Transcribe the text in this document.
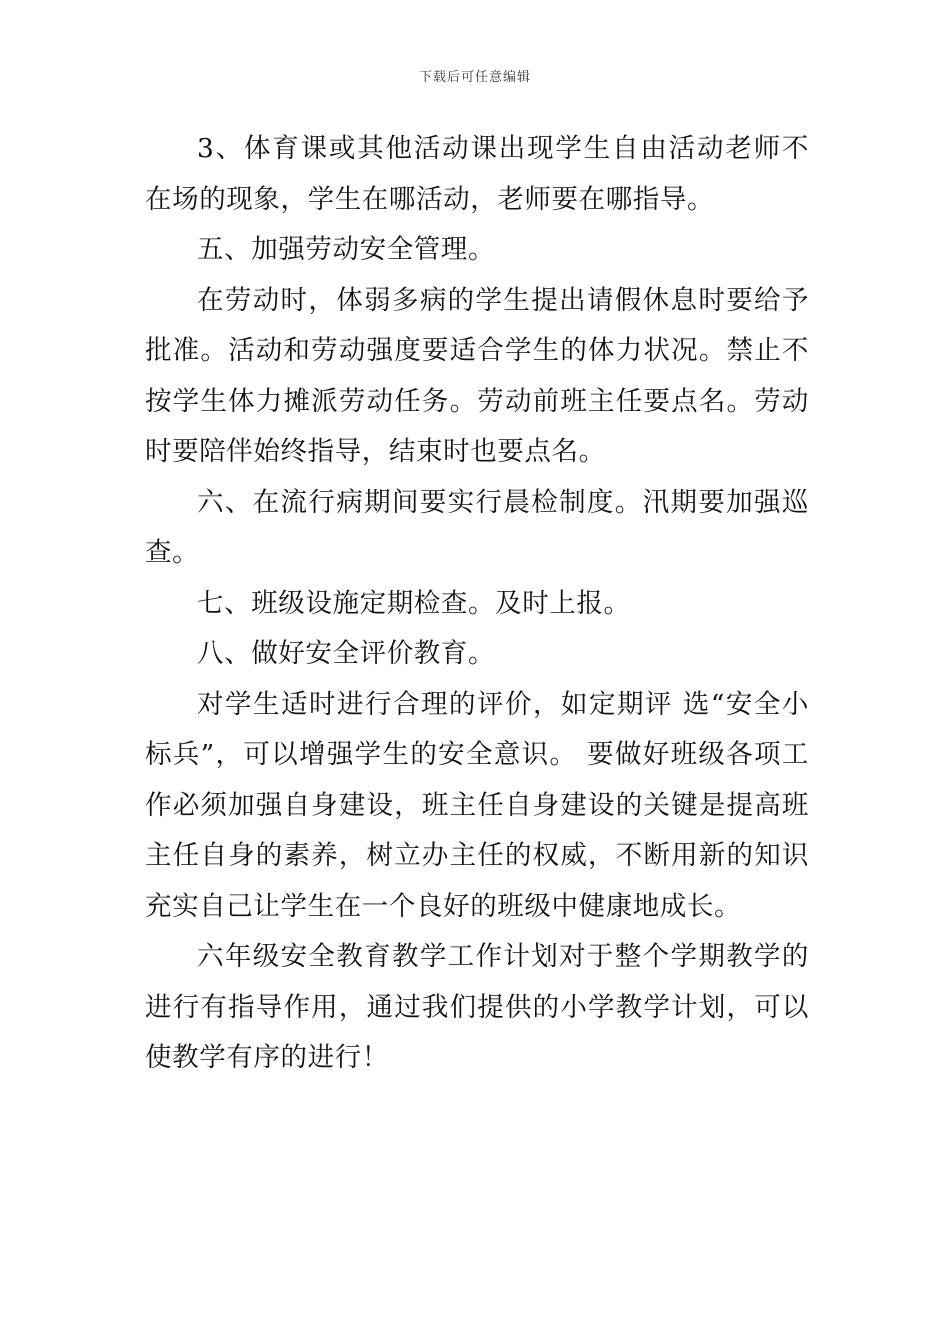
下载后可任意编辑

3、体育课或其他活动课出现学生自由活动老师不在场的现象，学生在哪活动，老师要在哪指导。

五、加强劳动安全管理。

在劳动时，体弱多病的学生提出请假休息时要给予批准。活动和劳动强度要适合学生的体力状况。禁止不按学生体力摊派劳动任务。劳动前班主任要点名。劳动时要陪伴始终指导，结束时也要点名。

六、在流行病期间要实行晨检制度。汛期要加强巡查。

七、班级设施定期检查。及时上报。

八、做好安全评价教育。

对学生适时进行合理的评价，如定期评 选“安全小标兵”，可以增强学生的安全意识。 要做好班级各项工作必须加强自身建设，班主任自身建设的关键是提高班主任自身的素养，树立办主任的权威，不断用新的知识充实自己让学生在一个良好的班级中健康地成长。

六年级安全教育教学工作计划对于整个学期教学的进行有指导作用，通过我们提供的小学教学计划，可以使教学有序的进行！
